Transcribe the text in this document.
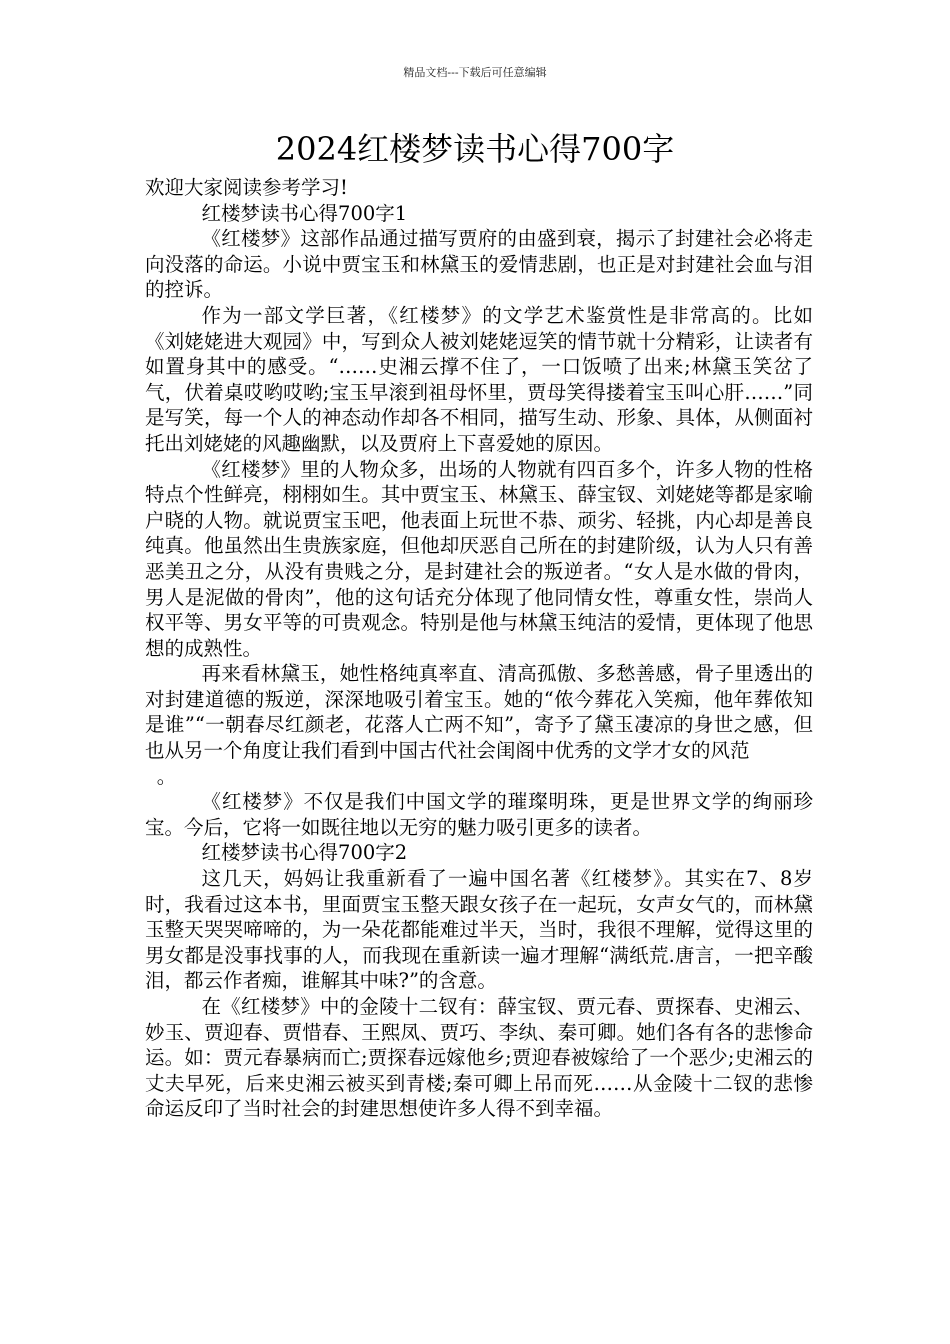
精品文档---下载后可任意编辑
2024红楼梦读书心得700字

欢迎大家阅读参考学习!

红楼梦读书心得700字1

《红楼梦》这部作品通过描写贾府的由盛到衰，揭示了封建社会必将走向没落的命运。小说中贾宝玉和林黛玉的爱情悲剧，也正是对封建社会血与泪的控诉。

作为一部文学巨著，《红楼梦》的文学艺术鉴赏性是非常高的。比如《刘姥姥进大观园》中，写到众人被刘姥姥逗笑的情节就十分精彩，让读者有如置身其中的感受。“……史湘云撑不住了，一口饭喷了出来;林黛玉笑岔了气，伏着桌哎哟哎哟;宝玉早滚到祖母怀里，贾母笑得搂着宝玉叫心肝……”同是写笑，每一个人的神态动作却各不相同，描写生动、形象、具体，从侧面衬托出刘姥姥的风趣幽默，以及贾府上下喜爱她的原因。

《红楼梦》里的人物众多，出场的人物就有四百多个，许多人物的性格特点个性鲜亮，栩栩如生。其中贾宝玉、林黛玉、薛宝钗、刘姥姥等都是家喻户晓的人物。就说贾宝玉吧，他表面上玩世不恭、顽劣、轻挑，内心却是善良纯真。他虽然出生贵族家庭，但他却厌恶自己所在的封建阶级，认为人只有善恶美丑之分，从没有贵贱之分，是封建社会的叛逆者。“女人是水做的骨肉，男人是泥做的骨肉”，他的这句话充分体现了他同情女性，尊重女性，崇尚人权平等、男女平等的可贵观念。特别是他与林黛玉纯洁的爱情，更体现了他思想的成熟性。

再来看林黛玉，她性格纯真率直、清高孤傲、多愁善感，骨子里透出的对封建道德的叛逆，深深地吸引着宝玉。她的“侬今葬花入笑痴，他年葬侬知是谁”“一朝春尽红颜老，花落人亡两不知”，寄予了黛玉凄凉的身世之感，但也从另一个角度让我们看到中国古代社会闺阁中优秀的文学才女的风范

。

《红楼梦》不仅是我们中国文学的璀璨明珠，更是世界文学的绚丽珍宝。今后，它将一如既往地以无穷的魅力吸引更多的读者。

红楼梦读书心得700字2

这几天，妈妈让我重新看了一遍中国名著《红楼梦》。其实在7、8岁时，我看过这本书，里面贾宝玉整天跟女孩子在一起玩，女声女气的，而林黛玉整天哭哭啼啼的，为一朵花都能难过半天，当时，我很不理解，觉得这里的男女都是没事找事的人，而我现在重新读一遍才理解“满纸荒.唐言，一把辛酸泪，都云作者痴，谁解其中味?”的含意。

在《红楼梦》中的金陵十二钗有：薛宝钗、贾元春、贾探春、史湘云、妙玉、贾迎春、贾惜春、王熙凤、贾巧、李纨、秦可卿。她们各有各的悲惨命运。如：贾元春暴病而亡;贾探春远嫁他乡;贾迎春被嫁给了一个恶少;史湘云的丈夫早死，后来史湘云被买到青楼;秦可卿上吊而死……从金陵十二钗的悲惨命运反印了当时社会的封建思想使许多人得不到幸福。
